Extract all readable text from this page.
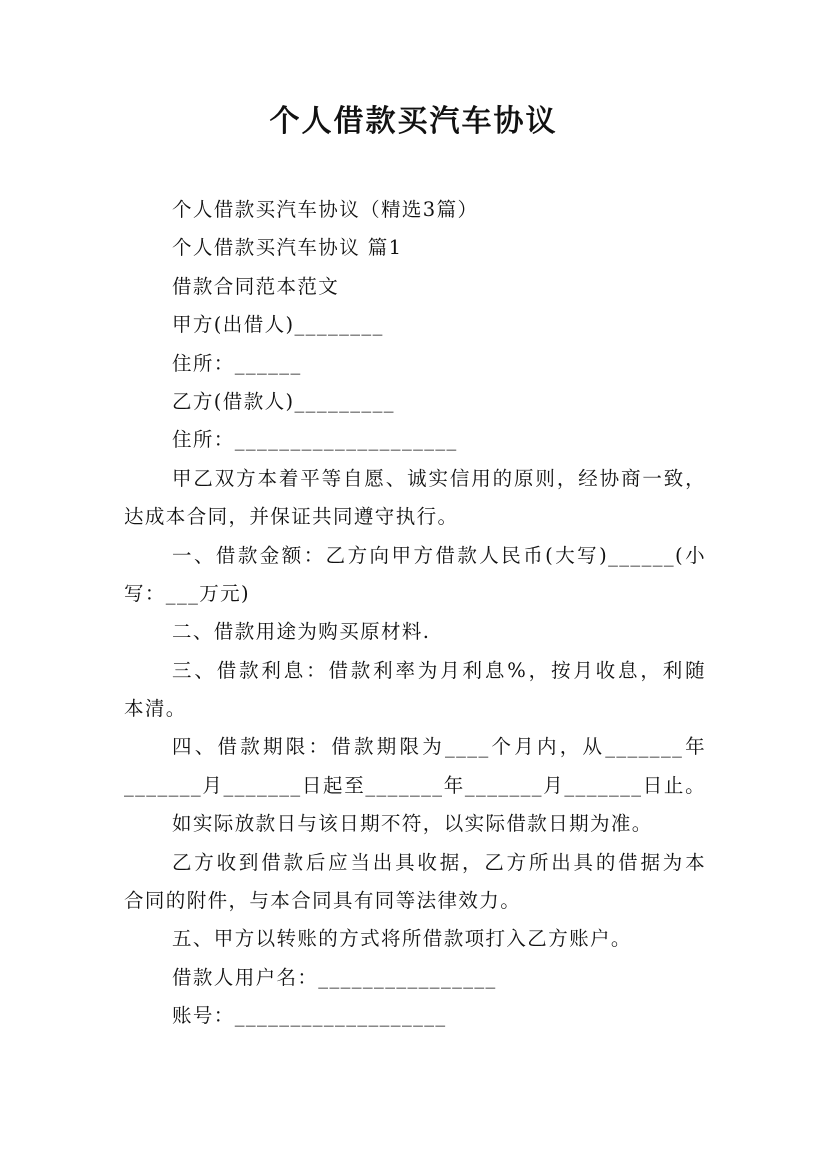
个人借款买汽车协议
个人借款买汽车协议（精选3篇）
个人借款买汽车协议 篇1
借款合同范本范文
甲方(出借人)________
住所：______
乙方(借款人)_________
住所：____________________
甲乙双方本着平等自愿、诚实信用的原则，经协商一致，
达成本合同，并保证共同遵守执行。
一、借款金额：乙方向甲方借款人民币(大写)______(小
写：___万元)
二、借款用途为购买原材料.
三、借款利息：借款利率为月利息%，按月收息，利随
本清。
四、借款期限：借款期限为____个月内，从_______年
_______月_______日起至_______年_______月_______日止。
如实际放款日与该日期不符，以实际借款日期为准。
乙方收到借款后应当出具收据，乙方所出具的借据为本
合同的附件，与本合同具有同等法律效力。
五、甲方以转账的方式将所借款项打入乙方账户。
借款人用户名：________________
账号：___________________
